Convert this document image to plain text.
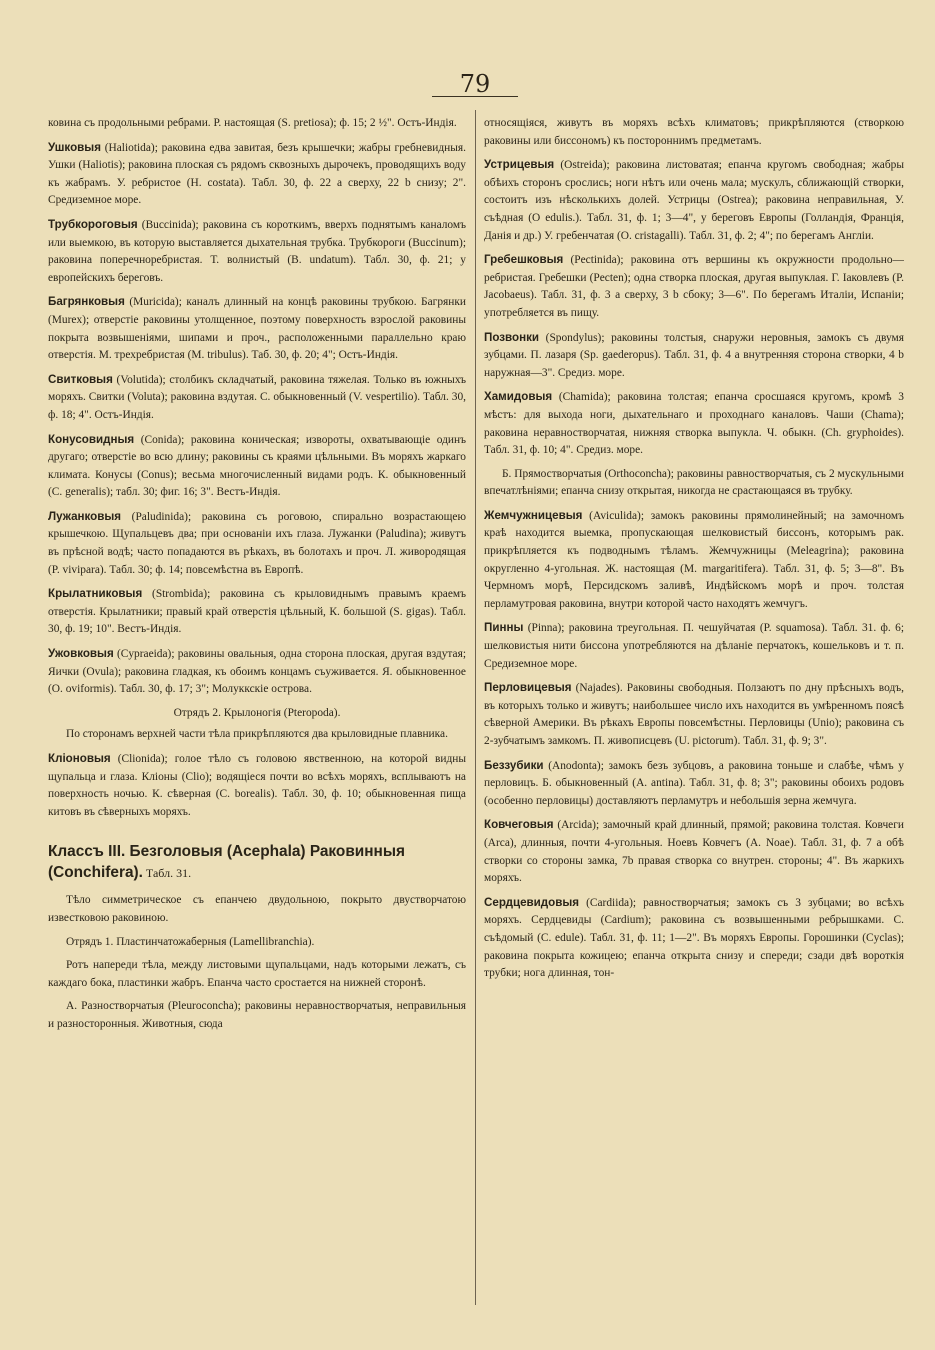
79

ковина съ продольными ребрами. Р. настоящая (S. pretiosa); ф. 15; 2 ½". Остъ-Индія.

Ушковыя (Haliotida); раковина едва завитая, безъ крышечки; жабры гребневидныя. Ушки (Haliotis); раковина плоская съ рядомъ сквозныхъ дырочекъ, проводящихъ воду къ жабрамъ. У. ребристое (H. costata). Табл. 30, ф. 22 а сверху, 22 b снизу; 2". Средиземное море.

Трубкороговыя (Buccinida); раковина съ короткимъ, вверхъ поднятымъ каналомъ или выемкою, въ которую выставляется дыхательная трубка. Трубкороги (Buccinum); раковина поперечноребристая. Т. волнистый (B. undatum). Табл. 30, ф. 21; у европейскихъ береговъ.

Багрянковыя (Muricida); каналъ длинный на концѣ раковины трубкою. Багрянки (Murex); отверстіе раковины утолщенное, поэтому поверхность взрослой раковины покрыта возвышеніями, шипами и проч., расположенными параллельно краю отверстія. М. трехребристая (M. tribulus). Таб. 30, ф. 20; 4"; Остъ-Индія.

Свитковыя (Volutida); столбикъ складчатый, раковина тяжелая. Только въ южныхъ моряхъ. Свитки (Voluta); раковина вздутая. С. обыкновенный (V. vespertilio). Табл. 30, ф. 18; 4". Остъ-Индія.

Конусовидныя (Conida); раковина коническая; извороты, охватывающіе одинъ другаго; отверстіе во всю длину; раковины съ краями цѣльными. Въ моряхъ жаркаго климата. Конусы (Conus); весьма многочисленный видами родъ. К. обыкновенный (C. generalis); табл. 30; фиг. 16; 3". Вестъ-Индія.

Лужанковыя (Paludinida); раковина съ роговою, спирально возрастающею крышечкою. Щупальцевъ два; при основаніи ихъ глаза. Лужанки (Paludina); живутъ въ прѣсной водѣ; часто попадаются въ рѣкахъ, въ болотахъ и проч. Л. живородящая (P. vivipara). Табл. 30; ф. 14; повсемѣстна въ Европѣ.

Крылатниковыя (Strombida); раковина съ крыловиднымъ правымъ краемъ отверстія. Крылатники; правый край отверстія цѣльный, К. большой (S. gigas). Табл. 30, ф. 19; 10". Вестъ-Индія.

Ужовковыя (Cypraeida); раковины овальныя, одна сторона плоская, другая вздутая; Яички (Ovula); раковина гладкая, къ обоимъ концамъ съуживается. Я. обыкновенное (O. oviformis). Табл. 30, ф. 17; 3"; Молуккскіе острова.

Отрядъ 2. Крылоногія (Pteropoda).

По сторонамъ верхней части тѣла прикрѣпляются два крыловидные плавника.

Кліоновыя (Clionida); голое тѣло съ головою явственною, на которой видны щупальца и глаза. Кліоны (Clio); водящіеся почти во всѣхъ моряхъ, всплываютъ на поверхность ночью. К. сѣверная (C. borealis). Табл. 30, ф. 10; обыкновенная пища китовъ въ сѣверныхъ моряхъ.

Классъ III. Безголовыя (Acephala) Раковинныя (Conchifera). Табл. 31.

Тѣло симметрическое съ епанчею двудольною, покрыто двустворчатою известковою раковиною.

Отрядъ 1. Пластинчатожаберныя (Lamellibranchia).

Ротъ напереди тѣла, между листовыми щупальцами, надъ которыми лежатъ, съ каждаго бока, пластинки жабръ. Епанча часто сростается на нижней сторонѣ.

А. Разностворчатыя (Pleuroconcha); раковины неравностворчатыя, неправильныя и разносторонныя. Животныя, сюда

относящіяся, живутъ въ моряхъ всѣхъ климатовъ; прикрѣпляются (створкою раковины или биссономъ) къ постороннимъ предметамъ.

Устрицевыя (Ostreida); раковина листоватая; епанча кругомъ свободная; жабры обѣихъ сторонъ срослись; ноги нѣтъ или очень мала; мускулъ, сближающій створки, состоитъ изъ нѣсколькихъ долей. Устрицы (Ostrea); раковина неправильная, У. съѣдная (O edulis.). Табл. 31, ф. 1; 3—4", у береговъ Европы (Голландія, Франція, Данія и др.) У. гребенчатая (O. cristagalli). Табл. 31, ф. 2; 4"; по берегамъ Англіи.

Гребешковыя (Pectinida); раковина отъ вершины къ окружности продольно—ребристая. Гребешки (Pecten); одна створка плоская, другая выпуклая. Г. Іаковлевъ (P. Jacobaeus). Табл. 31, ф. 3 а сверху, 3 b сбоку; 3—6". По берегамъ Италіи, Испаніи; употребляется въ пищу.

Позвонки (Spondylus); раковины толстыя, снаружи неровныя, замокъ съ двумя зубцами. П. лазаря (Sp. gaederopus). Табл. 31, ф. 4 а внутренняя сторона створки, 4 b наружная—3". Средиз. море.

Хамидовыя (Chamida); раковина толстая; епанча сросшаяся кругомъ, кромѣ 3 мѣстъ: для выхода ноги, дыхательнаго и проходнаго каналовъ. Чаши (Chama); раковина неравностворчатая, нижняя створка выпукла. Ч. обыкн. (Ch. gryphoides). Табл. 31, ф. 10; 4". Средиз. море.

Б. Прямостворчатыя (Orthoconcha); раковины равностворчатыя, съ 2 мускульными впечатлѣніями; епанча снизу открытая, никогда не срастающаяся въ трубку.

Жемчужницевыя (Aviculida); замокъ раковины прямолинейный; на замочномъ краѣ находится выемка, пропускающая шелковистый биссонъ, которымъ рак. прикрѣпляется къ подводнымъ тѣламъ. Жемчужницы (Meleagrina); раковина округленно 4-угольная. Ж. настоящая (M. margaritifera). Табл. 31, ф. 5; 3—8". Въ Чермномъ морѣ, Персидскомъ заливѣ, Индѣйскомъ морѣ и проч. толстая перламутровая раковина, внутри которой часто находятъ жемчугъ.

Пинны (Pinna); раковина треугольная. П. чешуйчатая (P. squamosa). Табл. 31. ф. 6; шелковистыя нити биссона употребляются на дѣланіе перчатокъ, кошельковъ и т. п. Средиземное море.

Перловицевыя (Najades). Раковины свободныя. Ползаютъ по дну прѣсныхъ водъ, въ которыхъ только и живутъ; наибольшее число ихъ находится въ умѣренномъ поясѣ сѣверной Америки. Въ рѣкахъ Европы повсемѣстны. Перловицы (Unio); раковина съ 2-зубчатымъ замкомъ. П. живописцевъ (U. pictorum). Табл. 31, ф. 9; 3".

Беззубики (Anodonta); замокъ безъ зубцовъ, а раковина тоньше и слабѣе, чѣмъ у перловицъ. Б. обыкновенный (A. antina). Табл. 31, ф. 8; 3"; раковины обоихъ родовъ (особенно перловицы) доставляютъ перламутръ и небольшія зерна жемчуга.

Ковчеговыя (Arcida); замочный край длинный, прямой; раковина толстая. Ковчеги (Arca), длинныя, почти 4-угольныя. Ноевъ Ковчегъ (A. Noae). Табл. 31, ф. 7 а обѣ створки со стороны замка, 7b правая створка со внутрен. стороны; 4". Въ жаркихъ моряхъ.

Сердцевидовыя (Cardiida); равностворчатыя; замокъ съ 3 зубцами; во всѣхъ моряхъ. Сердцевиды (Cardium); раковина съ возвышенными ребрышками. С. съѣдомый (C. edule). Табл. 31, ф. 11; 1—2". Въ моряхъ Европы. Горошинки (Cyclas); раковина покрыта кожицею; епанча открыта снизу и спереди; сзади двѣ вороткія трубки; нога длинная, тон-
